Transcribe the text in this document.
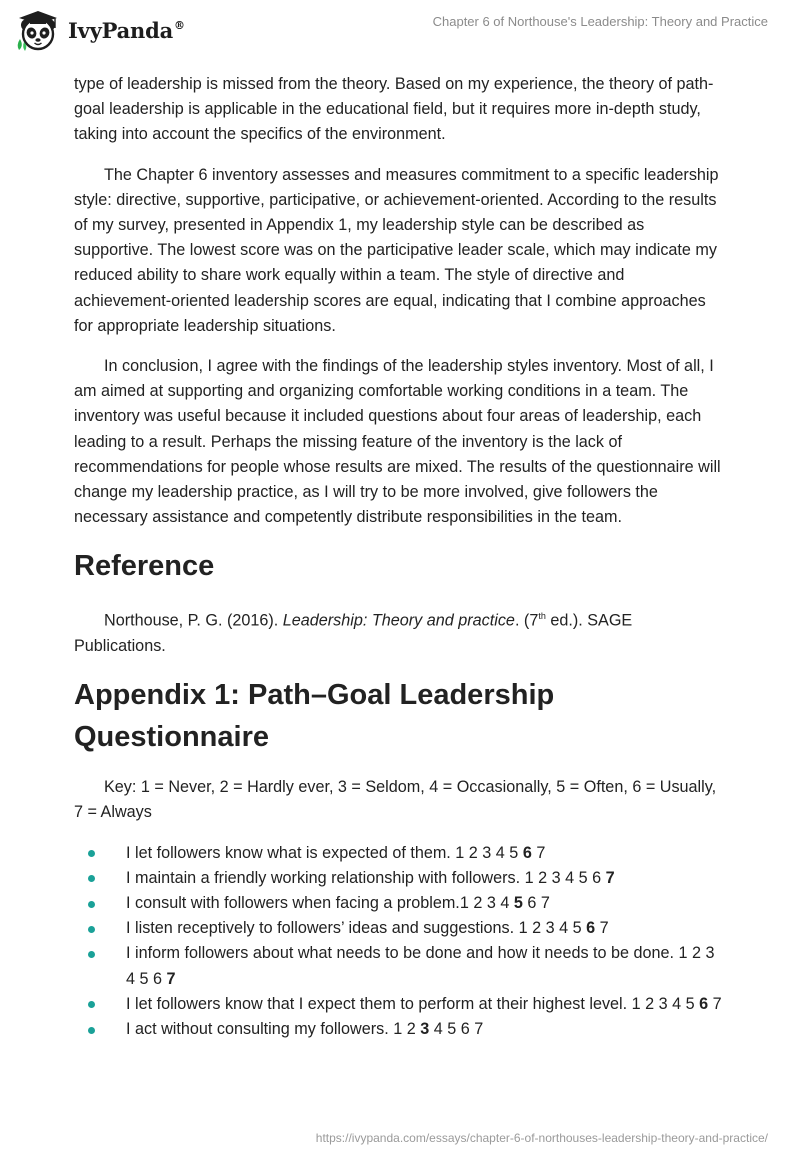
IvyPanda®	Chapter 6 of Northouse's Leadership: Theory and Practice

type of leadership is missed from the theory. Based on my experience, the theory of path-goal leadership is applicable in the educational field, but it requires more in-depth study, taking into account the specifics of the environment.

The Chapter 6 inventory assesses and measures commitment to a specific leadership style: directive, supportive, participative, or achievement-oriented. According to the results of my survey, presented in Appendix 1, my leadership style can be described as supportive. The lowest score was on the participative leader scale, which may indicate my reduced ability to share work equally within a team. The style of directive and achievement-oriented leadership scores are equal, indicating that I combine approaches for appropriate leadership situations.

In conclusion, I agree with the findings of the leadership styles inventory. Most of all, I am aimed at supporting and organizing comfortable working conditions in a team. The inventory was useful because it included questions about four areas of leadership, each leading to a result. Perhaps the missing feature of the inventory is the lack of recommendations for people whose results are mixed. The results of the questionnaire will change my leadership practice, as I will try to be more involved, give followers the necessary assistance and competently distribute responsibilities in the team.

Reference

Northouse, P. G. (2016). Leadership: Theory and practice. (7th ed.). SAGE Publications.

Appendix 1: Path–Goal Leadership Questionnaire

Key: 1 = Never, 2 = Hardly ever, 3 = Seldom, 4 = Occasionally, 5 = Often, 6 = Usually, 7 = Always

I let followers know what is expected of them. 1 2 3 4 5 6 7
I maintain a friendly working relationship with followers. 1 2 3 4 5 6 7
I consult with followers when facing a problem.1 2 3 4 5 6 7
I listen receptively to followers’ ideas and suggestions. 1 2 3 4 5 6 7
I inform followers about what needs to be done and how it needs to be done. 1 2 3 4 5 6 7
I let followers know that I expect them to perform at their highest level. 1 2 3 4 5 6 7
I act without consulting my followers. 1 2 3 4 5 6 7
https://ivypanda.com/essays/chapter-6-of-northouses-leadership-theory-and-practice/
